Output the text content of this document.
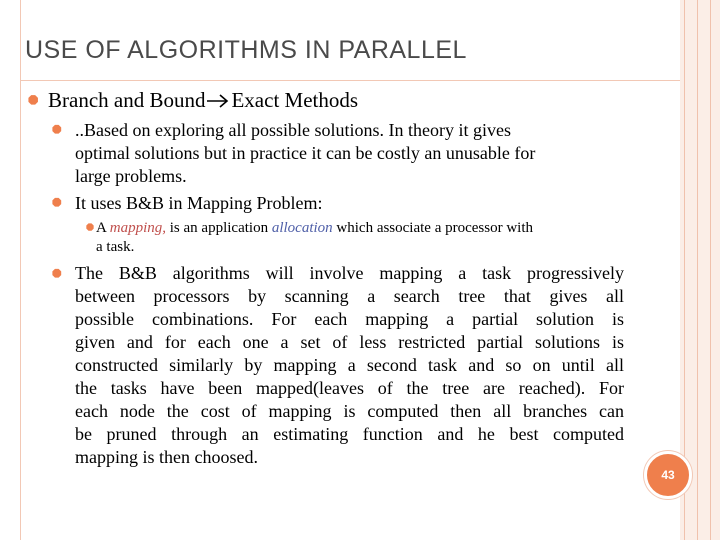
USE OF ALGORITHMS IN PARALLEL
⯃ Branch and Bound Exact Methods
⯃ ..Based on exploring all possible solutions. In theory it gives
optimal solutions but in practice it can be costly an unusable for
large problems.
⯃ It uses B&B in Mapping Problem:
⯃ A mapping, is an application allocation which associate a processor with
a task.
⯃ The B&B algorithms will involve mapping a task progressively
between processors by scanning a search tree that gives all
possible combinations. For each mapping a partial solution is
given and for each one a set of less restricted partial solutions is
constructed similarly by mapping a second task and so on until all
the tasks have been mapped(leaves of the tree are reached). For
each node the cost of mapping is computed then all branches can
be pruned through an estimating function and he best computed
mapping is then choosed.
43
